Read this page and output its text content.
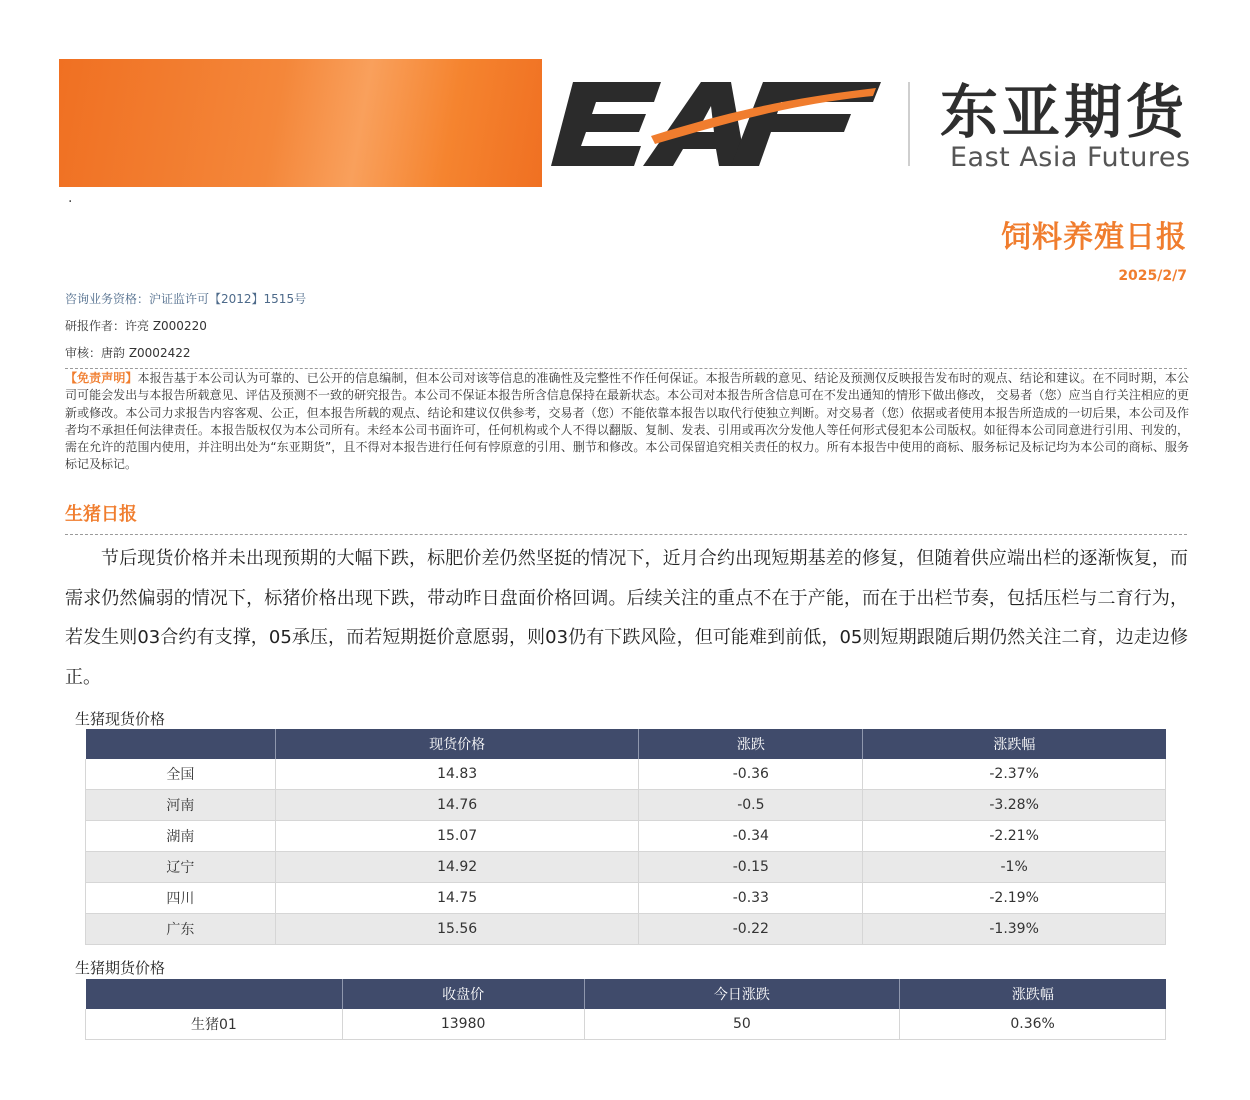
东亚期货
East Asia Futures
.
饲料养殖日报
2025/2/7
咨询业务资格：沪证监许可【2012】1515号
研报作者：许亮 Z000220
审核：唐韵 Z0002422
【免责声明】本报告基于本公司认为可靠的、已公开的信息编制，但本公司对该等信息的准确性及完整性不作任何保证。本报告所载的意见、结论及预测仅反映报告发布时的观点、结论和建议。在不同时期，本公司可能会发出与本报告所载意见、评估及预测不一致的研究报告。本公司不保证本报告所含信息保持在最新状态。本公司对本报告所含信息可在不发出通知的情形下做出修改， 交易者（您）应当自行关注相应的更新或修改。本公司力求报告内容客观、公正，但本报告所载的观点、结论和建议仅供参考，交易者（您）不能依靠本报告以取代行使独立判断。对交易者（您）依据或者使用本报告所造成的一切后果，本公司及作者均不承担任何法律责任。本报告版权仅为本公司所有。未经本公司书面许可，任何机构或个人不得以翻版、复制、发表、引用或再次分发他人等任何形式侵犯本公司版权。如征得本公司同意进行引用、刊发的，需在允许的范围内使用，并注明出处为“东亚期货”，且不得对本报告进行任何有悖原意的引用、删节和修改。本公司保留追究相关责任的权力。所有本报告中使用的商标、服务标记及标记均为本公司的商标、服务标记及标记。
生猪日报
节后现货价格并未出现预期的大幅下跌，标肥价差仍然坚挺的情况下，近月合约出现短期基差的修复，但随着供应端出栏的逐渐恢复，而需求仍然偏弱的情况下，标猪价格出现下跌，带动昨日盘面价格回调。后续关注的重点不在于产能，而在于出栏节奏，包括压栏与二育行为，若发生则03合约有支撑，05承压，而若短期挺价意愿弱，则03仍有下跌风险，但可能难到前低，05则短期跟随后期仍然关注二育，边走边修正。
生猪现货价格
	现货价格	涨跌	涨跌幅
全国	14.83	-0.36	-2.37%
河南	14.76	-0.5	-3.28%
湖南	15.07	-0.34	-2.21%
辽宁	14.92	-0.15	-1%
四川	14.75	-0.33	-2.19%
广东	15.56	-0.22	-1.39%
生猪期货价格
	收盘价	今日涨跌	涨跌幅
生猪01	13980	50	0.36%
